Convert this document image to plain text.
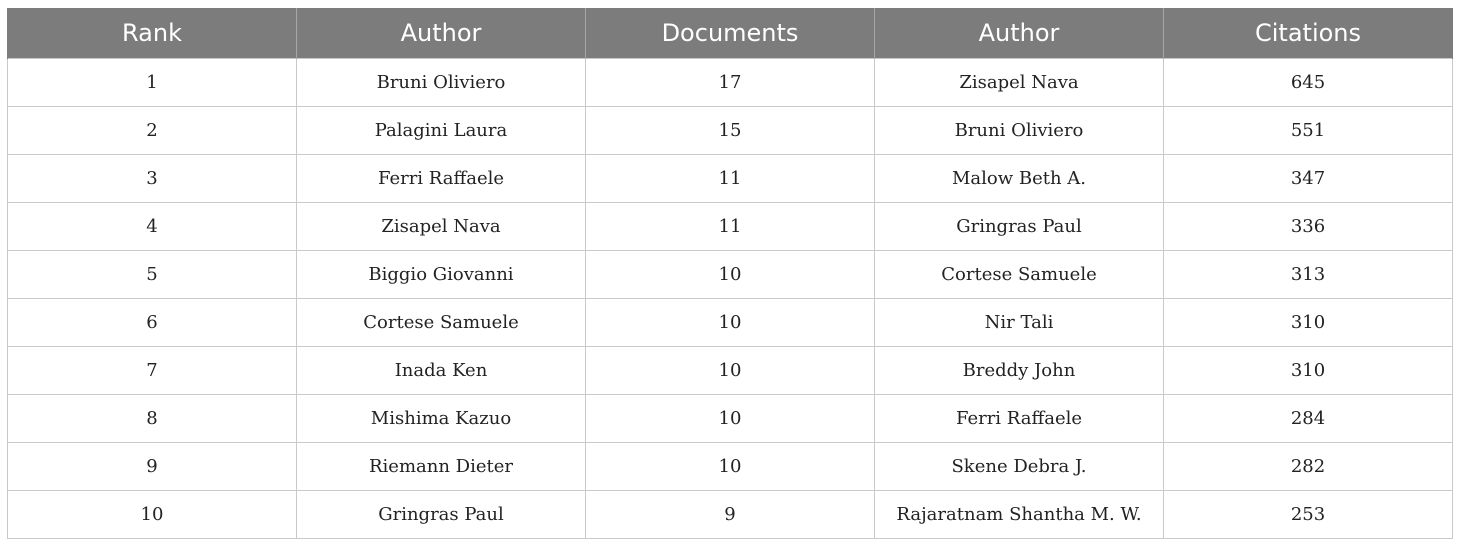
Rank	Author	Documents	Author	Citations
1	Bruni Oliviero	17	Zisapel Nava	645
2	Palagini Laura	15	Bruni Oliviero	551
3	Ferri Raffaele	11	Malow Beth A.	347
4	Zisapel Nava	11	Gringras Paul	336
5	Biggio Giovanni	10	Cortese Samuele	313
6	Cortese Samuele	10	Nir Tali	310
7	Inada Ken	10	Breddy John	310
8	Mishima Kazuo	10	Ferri Raffaele	284
9	Riemann Dieter	10	Skene Debra J.	282
10	Gringras Paul	9	Rajaratnam Shantha M. W.	253
